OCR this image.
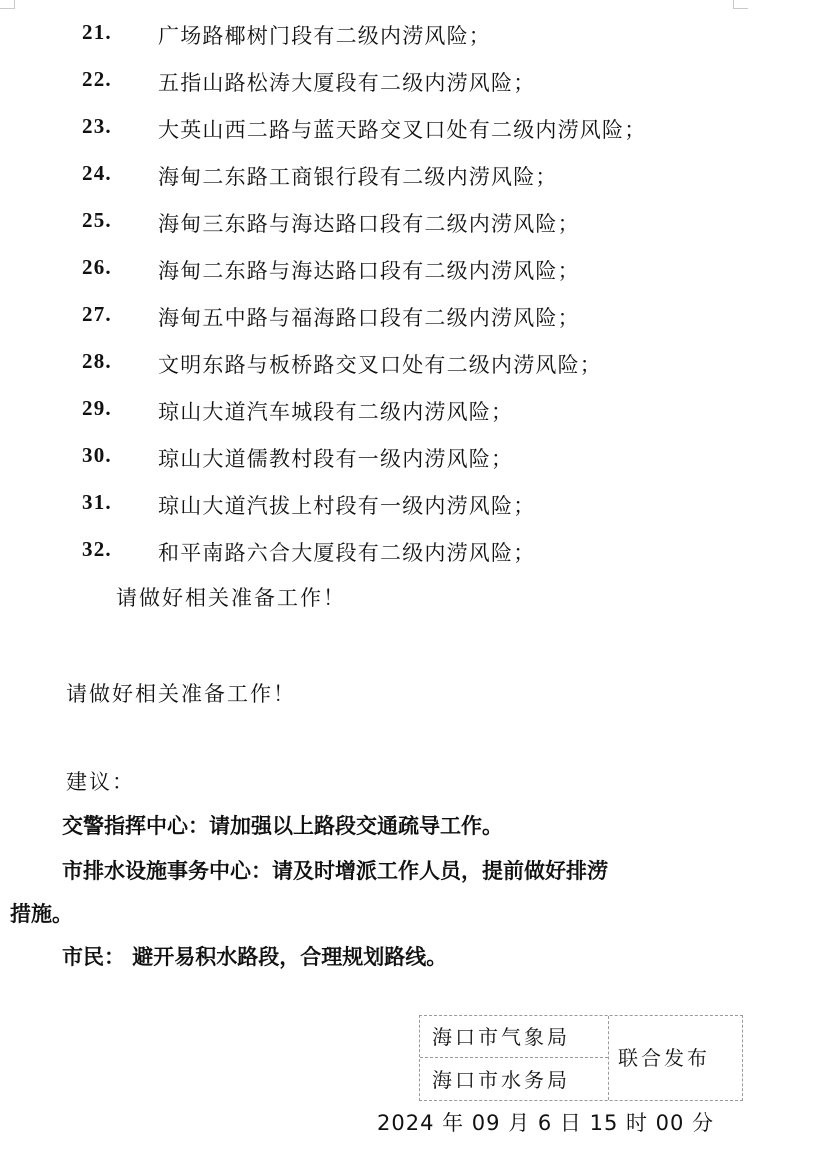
21. 广场路椰树门段有二级内涝风险；
22. 五指山路松涛大厦段有二级内涝风险；
23. 大英山西二路与蓝天路交叉口处有二级内涝风险；
24. 海甸二东路工商银行段有二级内涝风险；
25. 海甸三东路与海达路口段有二级内涝风险；
26. 海甸二东路与海达路口段有二级内涝风险；
27. 海甸五中路与福海路口段有二级内涝风险；
28. 文明东路与板桥路交叉口处有二级内涝风险；
29. 琼山大道汽车城段有二级内涝风险；
30. 琼山大道儒教村段有一级内涝风险；
31. 琼山大道汽拔上村段有一级内涝风险；
32. 和平南路六合大厦段有二级内涝风险；
请做好相关准备工作！
请做好相关准备工作！
建议：
交警指挥中心：请加强以上路段交通疏导工作。
市排水设施事务中心：请及时增派工作人员，提前做好排涝
措施。
市民： 避开易积水路段，合理规划路线。
海口市气象局
海口市水务局
联合发布
2024 年 09 月 6 日 15 时 00 分
